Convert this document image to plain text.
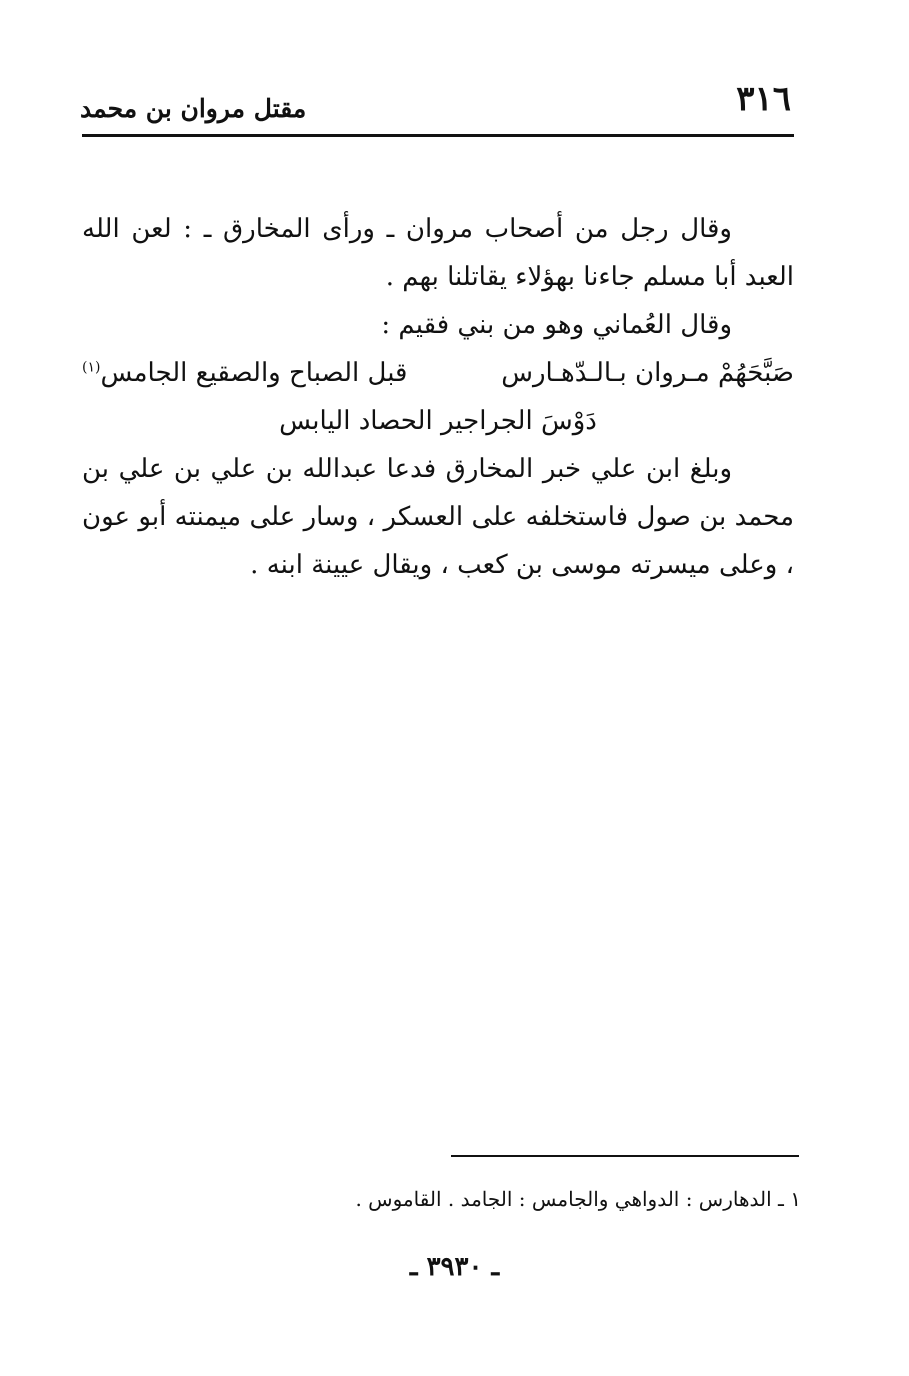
٣١٦
مقتل مروان بن محمد

وقال رجل من أصحاب مروان ـ ورأى المخارق ـ : لعن الله العبد أبا مسلم جاءنا بهؤلاء يقاتلنا بهم .

وقال العُماني وهو من بني فقيم :

صَبَّحَهُمْ مـروان بـالـدّهـارس
قبل الصباح والصقيع الجامس$^{(١)}$

دَوْسَ الجراجير الحصاد اليابس

وبلغ ابن علي خبر المخارق فدعا عبدالله بن علي بن علي بن محمد بن صول فاستخلفه على العسكر ، وسار على ميمنته أبو عون ، وعلى ميسرته موسى بن كعب ، ويقال عيينة ابنه .

١ ـ الدهارس : الدواهي والجامس : الجامد . القاموس .

ـ ٣٩٣٠ ـ
